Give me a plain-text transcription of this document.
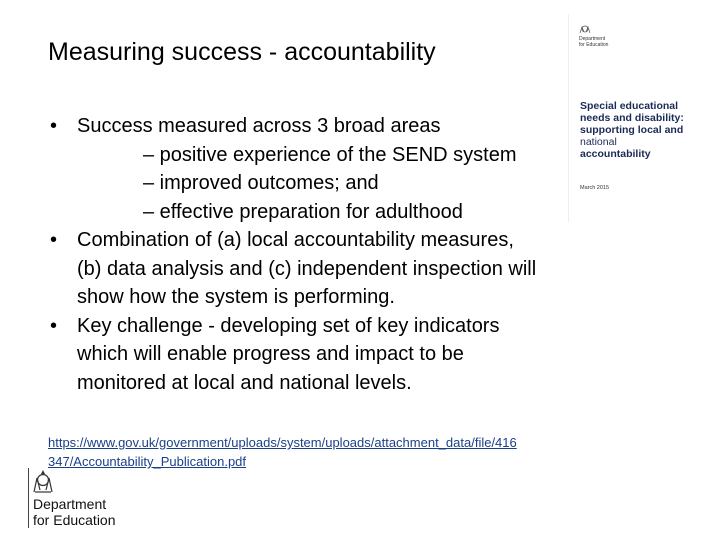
Measuring success - accountability	Department
for Education
Special educational
needs and disability:
supporting local and
national
accountability
March 2015
• Success measured across 3 broad areas
– positive experience of the SEND system
– improved outcomes; and
– effective preparation for adulthood
• Combination of (a) local accountability measures,
(b) data analysis and (c) independent inspection will
show how the system is performing.
• Key challenge - developing set of key indicators
which will enable progress and impact to be
monitored at local and national levels.
https://www.gov.uk/government/uploads/system/uploads/attachment_data/file/416
347/Accountability_Publication.pdf
Department
for Education
